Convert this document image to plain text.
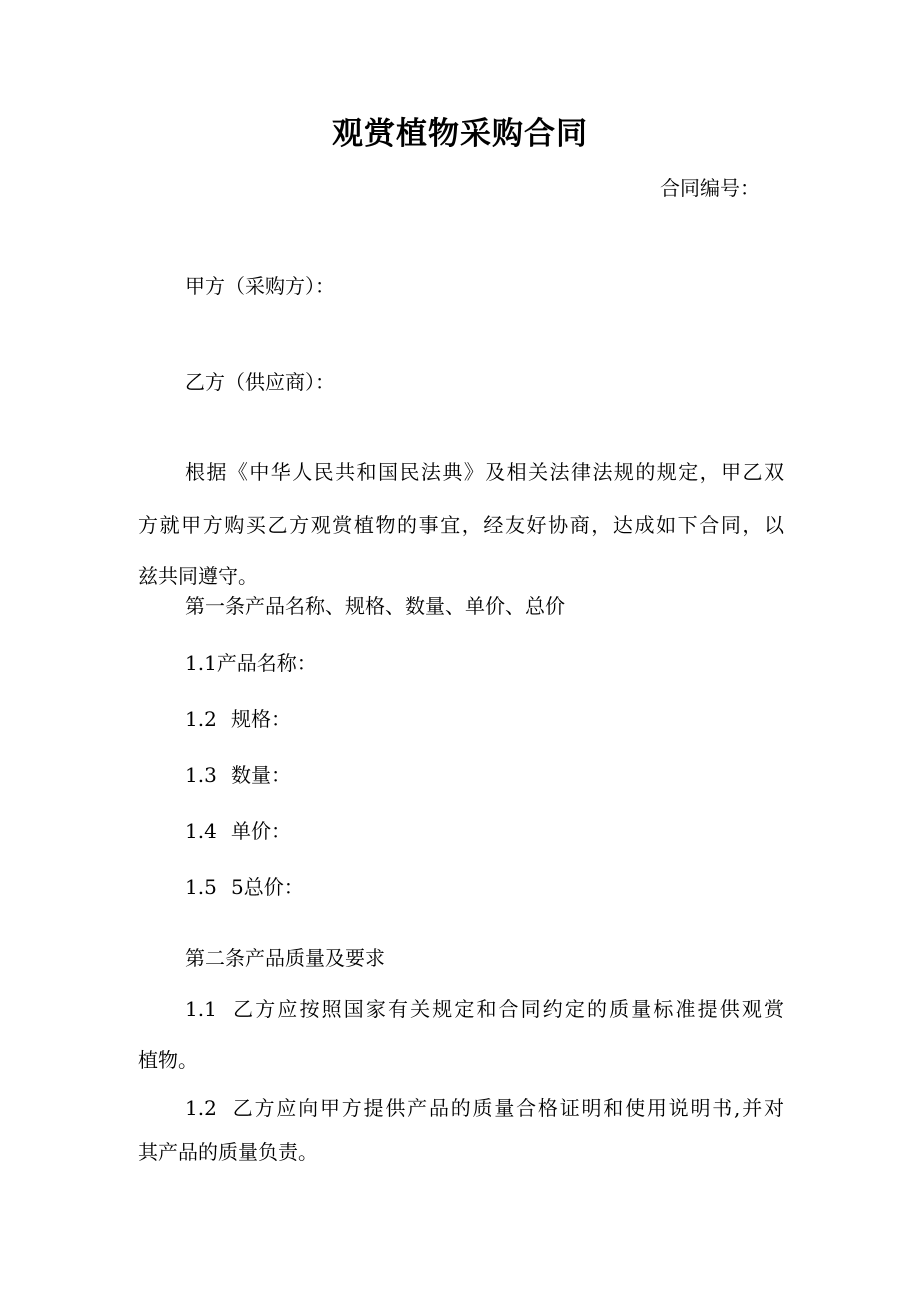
观赏植物采购合同
合同编号：
甲方（采购方）：
乙方（供应商）：
根据《中华人民共和国民法典》及相关法律法规的规定，甲乙双
方就甲方购买乙方观赏植物的事宜，经友好协商，达成如下合同，以
兹共同遵守。
第一条产品名称、规格、数量、单价、总价
1.1产品名称：
1.2 规格：
1.3 数量：
1.4 单价：
1.5 5总价：
第二条产品质量及要求
1.1 乙方应按照国家有关规定和合同约定的质量标准提供观赏
植物。
1.2 乙方应向甲方提供产品的质量合格证明和使用说明书,并对
其产品的质量负责。
